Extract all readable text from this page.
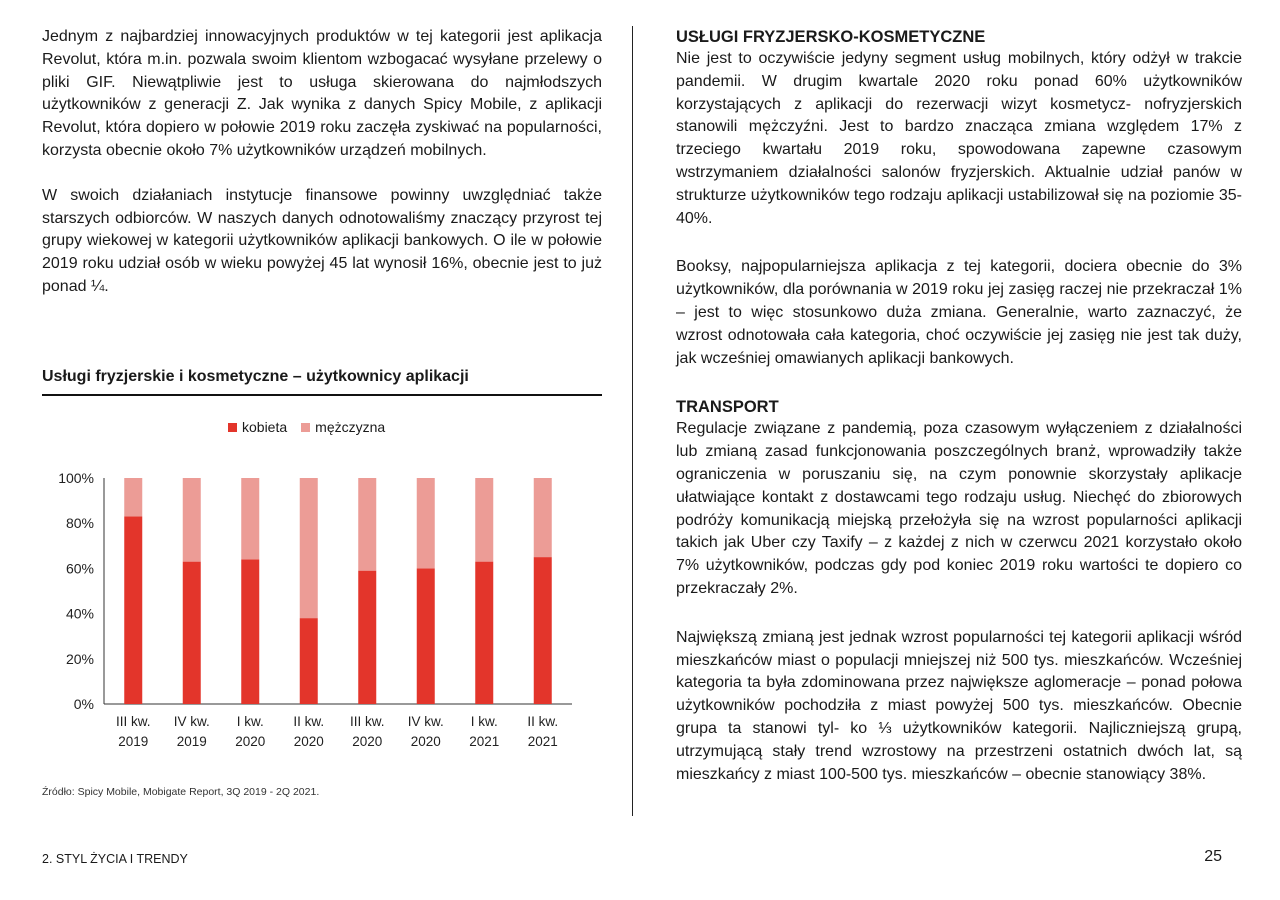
Jednym z najbardziej innowacyjnych produktów w tej kategorii jest aplikacja Revolut, która m.in. pozwala swoim klientom wzbogacać wysyłane przelewy o pliki GIF. Niewątpliwie jest to usługa skierowana do najmłodszych użytkowników z generacji Z. Jak wynika z danych Spicy Mobile, z aplikacji Revolut, która dopiero w połowie 2019 roku zaczęła zyskiwać na popularności, korzysta obecnie około 7% użytkowników urządzeń mobilnych.

W swoich działaniach instytucje finansowe powinny uwzględniać także starszych odbiorców. W naszych danych odnotowaliśmy znaczący przyrost tej grupy wiekowej w kategorii użytkowników aplikacji bankowych. O ile w połowie 2019 roku udział osób w wieku powyżej 45 lat wynosił 16%, obecnie jest to już ponad ¼.

Usługi fryzjerskie i kosmetyczne – użytkownicy aplikacji
kobieta mężczyzna
0%
20%
40%
60%
80%
100%
III kw.
2019
IV kw.
2019
I kw.
2020
II kw.
2020
III kw.
2020
IV kw.
2020
I kw.
2021
II kw.
2021
Źródło: Spicy Mobile, Mobigate Report, 3Q 2019 - 2Q 2021.
USŁUGI FRYZJERSKO-KOSMETYCZNE

Nie jest to oczywiście jedyny segment usług mobilnych, który odżył w trakcie pandemii. W drugim kwartale 2020 roku ponad 60% użytkowników korzystających z aplikacji do rezerwacji wizyt kosmetycz- nofryzjerskich stanowili mężczyźni. Jest to bardzo znacząca zmiana względem 17% z trzeciego kwartału 2019 roku, spowodowana zapewne czasowym wstrzymaniem działalności salonów fryzjerskich. Aktualnie udział panów w strukturze użytkowników tego rodzaju aplikacji ustabilizował się na poziomie 35-40%.

Booksy, najpopularniejsza aplikacja z tej kategorii, dociera obecnie do 3% użytkowników, dla porównania w 2019 roku jej zasięg raczej nie przekraczał 1% – jest to więc stosunkowo duża zmiana. Generalnie, warto zaznaczyć, że wzrost odnotowała cała kategoria, choć oczywiście jej zasięg nie jest tak duży, jak wcześniej omawianych aplikacji bankowych.

TRANSPORT

Regulacje związane z pandemią, poza czasowym wyłączeniem z działalności lub zmianą zasad funkcjonowania poszczególnych branż, wprowadziły także ograniczenia w poruszaniu się, na czym ponownie skorzystały aplikacje ułatwiające kontakt z dostawcami tego rodzaju usług. Niechęć do zbiorowych podróży komunikacją miejską przełożyła się na wzrost popularności aplikacji takich jak Uber czy Taxify – z każdej z nich w czerwcu 2021 korzystało około 7% użytkowników, podczas gdy pod koniec 2019 roku wartości te dopiero co przekraczały 2%.

Największą zmianą jest jednak wzrost popularności tej kategorii aplikacji wśród mieszkańców miast o populacji mniejszej niż 500 tys. mieszkańców. Wcześniej kategoria ta była zdominowana przez największe aglomeracje – ponad połowa użytkowników pochodziła z miast powyżej 500 tys. mieszkańców. Obecnie grupa ta stanowi tyl- ko ⅓ użytkowników kategorii. Najliczniejszą grupą, utrzymującą stały trend wzrostowy na przestrzeni ostatnich dwóch lat, są mieszkańcy z miast 100-500 tys. mieszkańców – obecnie stanowiący 38%.

2. STYL ŻYCIA I TRENDY	25
